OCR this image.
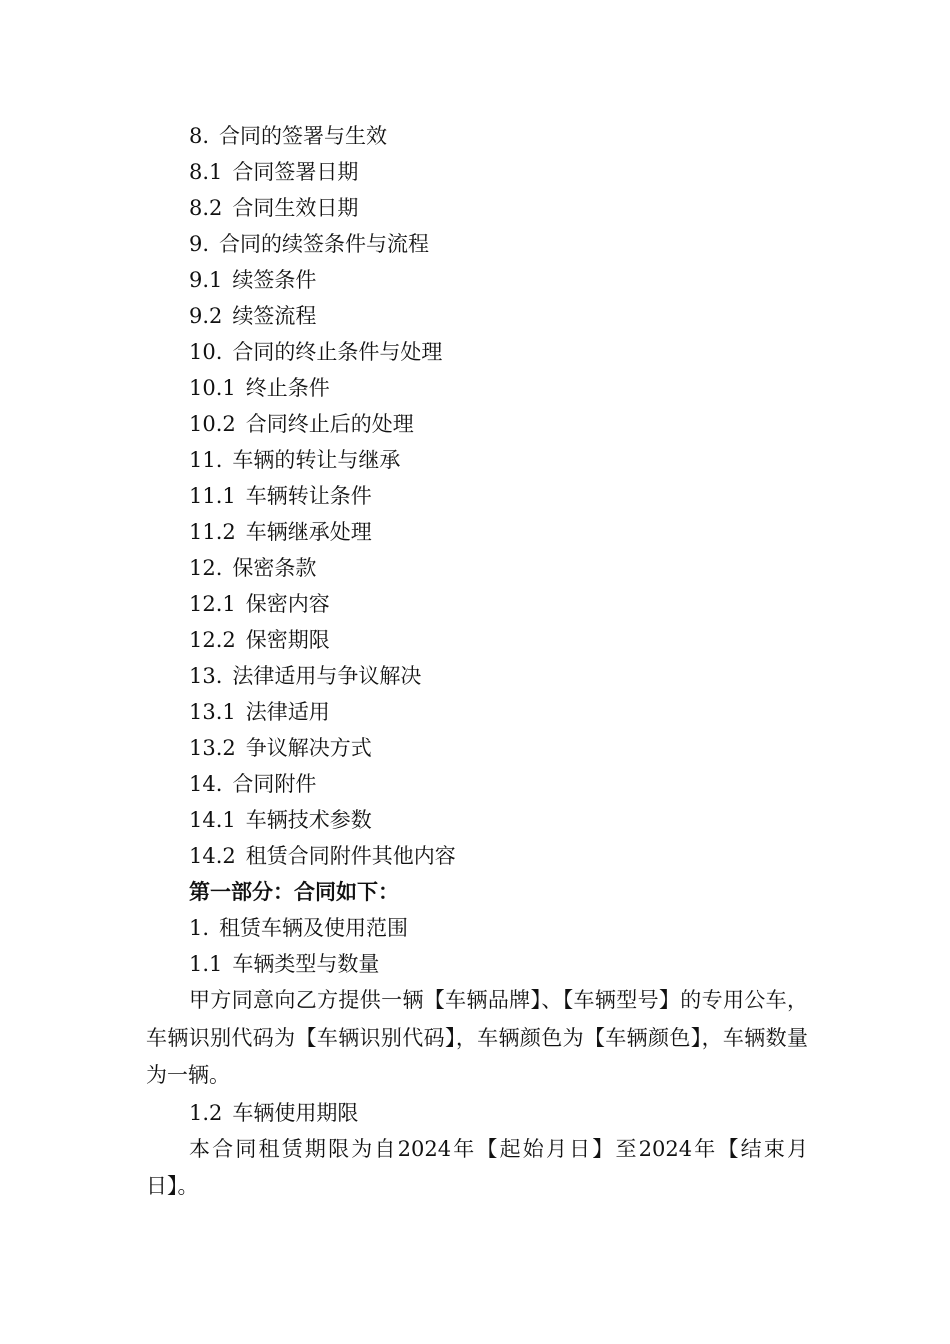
8. 合同的签署与生效
8.1 合同签署日期
8.2 合同生效日期
9. 合同的续签条件与流程
9.1 续签条件
9.2 续签流程
10. 合同的终止条件与处理
10.1 终止条件
10.2 合同终止后的处理
11. 车辆的转让与继承
11.1 车辆转让条件
11.2 车辆继承处理
12. 保密条款
12.1 保密内容
12.2 保密期限
13. 法律适用与争议解决
13.1 法律适用
13.2 争议解决方式
14. 合同附件
14.1 车辆技术参数
14.2 租赁合同附件其他内容
第一部分：合同如下：
1. 租赁车辆及使用范围
1.1 车辆类型与数量

甲方同意向乙方提供一辆【车辆品牌】、【车辆型号】的专用公车，车辆识别代码为【车辆识别代码】，车辆颜色为【车辆颜色】，车辆数量为一辆。

1.2 车辆使用期限

本合同租赁期限为自2024年【起始月日】至2024年【结束月日】。
